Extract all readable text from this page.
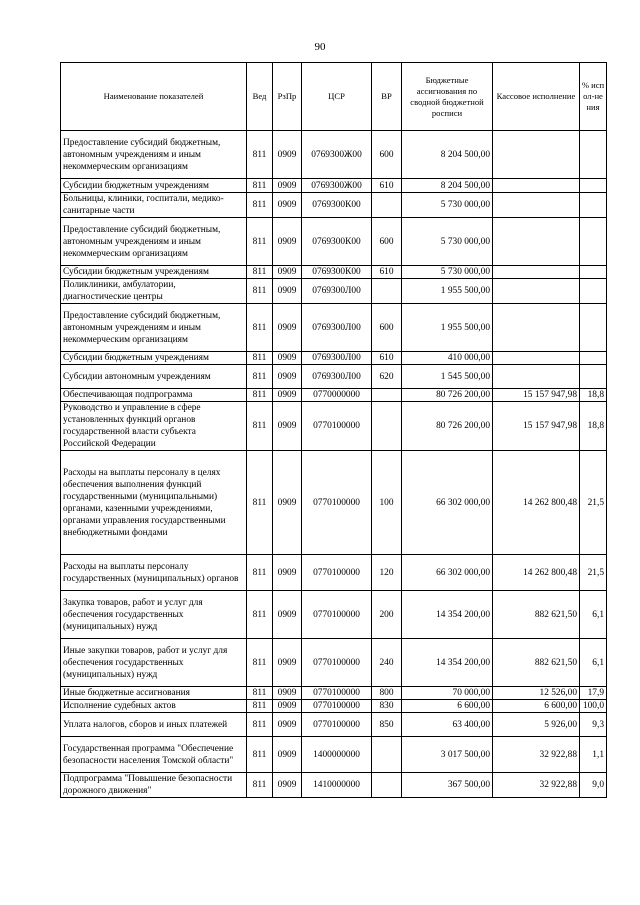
90
Наименование показателей	Вед	РзПр	ЦСР	ВР	Бюджетные ассигнования по сводной бюджетной росписи	Кассовое исполнение	% испол-нения
Предоставление субсидий бюджетным, автономным учреждениям и иным некоммерческим организациям	811	0909	0769300Ж00	600	8 204 500,00		
Субсидии бюджетным учреждениям	811	0909	0769300Ж00	610	8 204 500,00		
Больницы, клиники, госпитали, медико-санитарные части	811	0909	0769300К00		5 730 000,00		
Предоставление субсидий бюджетным, автономным учреждениям и иным некоммерческим организациям	811	0909	0769300К00	600	5 730 000,00		
Субсидии бюджетным учреждениям	811	0909	0769300К00	610	5 730 000,00		
Поликлиники, амбулатории, диагностические центры	811	0909	0769300Л00		1 955 500,00		
Предоставление субсидий бюджетным, автономным учреждениям и иным некоммерческим организациям	811	0909	0769300Л00	600	1 955 500,00		
Субсидии бюджетным учреждениям	811	0909	0769300Л00	610	410 000,00		
Субсидии автономным учреждениям	811	0909	0769300Л00	620	1 545 500,00		
Обеспечивающая подпрограмма	811	0909	0770000000		80 726 200,00	15 157 947,98	18,8
Руководство и управление в сфере установленных функций органов государственной власти субъекта Российской Федерации	811	0909	0770100000		80 726 200,00	15 157 947,98	18,8
Расходы на выплаты персоналу в целях обеспечения выполнения функций государственными (муниципальными) органами, казенными учреждениями, органами управления государственными внебюджетными фондами	811	0909	0770100000	100	66 302 000,00	14 262 800,48	21,5
Расходы на выплаты персоналу государственных (муниципальных) органов	811	0909	0770100000	120	66 302 000,00	14 262 800,48	21,5
Закупка товаров, работ и услуг для обеспечения государственных (муниципальных) нужд	811	0909	0770100000	200	14 354 200,00	882 621,50	6,1
Иные закупки товаров, работ и услуг для обеспечения государственных (муниципальных) нужд	811	0909	0770100000	240	14 354 200,00	882 621,50	6,1
Иные бюджетные ассигнования	811	0909	0770100000	800	70 000,00	12 526,00	17,9
Исполнение судебных актов	811	0909	0770100000	830	6 600,00	6 600,00	100,0
Уплата налогов, сборов и иных платежей	811	0909	0770100000	850	63 400,00	5 926,00	9,3
Государственная программа "Обеспечение безопасности населения Томской области"	811	0909	1400000000		3 017 500,00	32 922,88	1,1
Подпрограмма "Повышение безопасности дорожного движения"	811	0909	1410000000		367 500,00	32 922,88	9,0
